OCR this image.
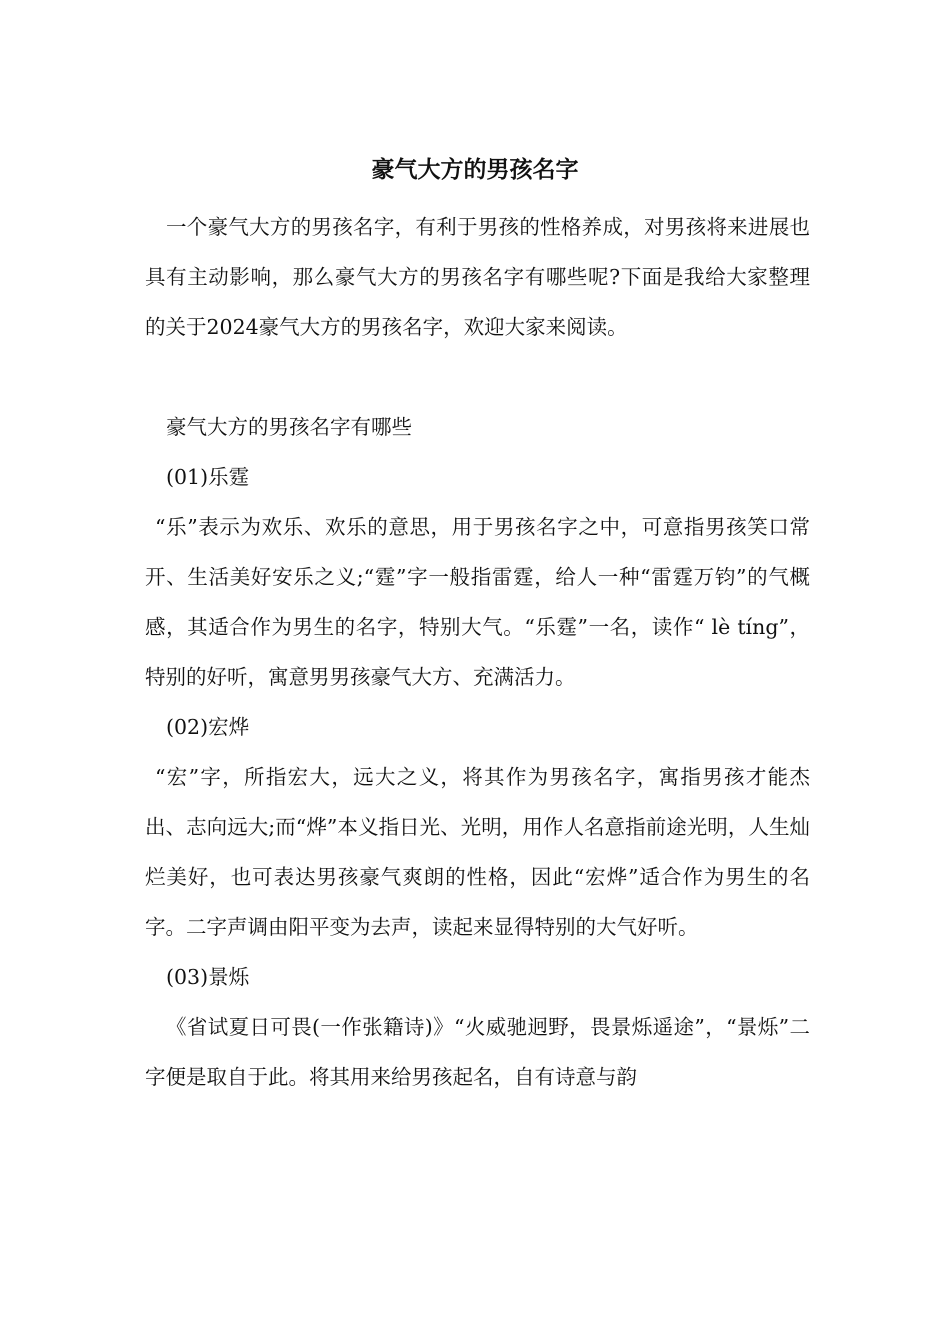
豪气大方的男孩名字

一个豪气大方的男孩名字，有利于男孩的性格养成，对男孩将来进展也具有主动影响，那么豪气大方的男孩名字有哪些呢?下面是我给大家整理的关于2024豪气大方的男孩名字，欢迎大家来阅读。

豪气大方的男孩名字有哪些

(01)乐霆

“乐”表示为欢乐、欢乐的意思，用于男孩名字之中，可意指男孩笑口常开、生活美好安乐之义;“霆”字一般指雷霆，给人一种“雷霆万钧”的气概感，其适合作为男生的名字，特别大气。“乐霆”一名，读作“ lè tíng”，特别的好听，寓意男男孩豪气大方、充满活力。

(02)宏烨

“宏”字，所指宏大，远大之义，将其作为男孩名字，寓指男孩才能杰出、志向远大;而“烨”本义指日光、光明，用作人名意指前途光明，人生灿烂美好，也可表达男孩豪气爽朗的性格，因此“宏烨”适合作为男生的名字。二字声调由阳平变为去声，读起来显得特别的大气好听。

(03)景烁

《省试夏日可畏(一作张籍诗)》“火威驰迥野，畏景烁遥途”，“景烁”二字便是取自于此。将其用来给男孩起名，自有诗意与韵
